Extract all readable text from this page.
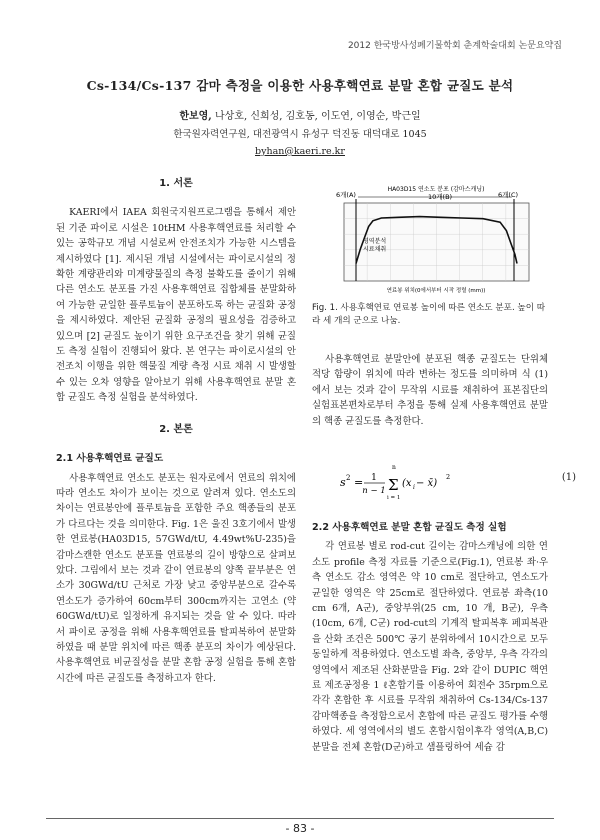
2012 한국방사성폐기물학회 춘계학술대회 논문요약집
Cs-134/Cs-137 감마 측정을 이용한 사용후핵연료 분말 혼합 균질도 분석
한보영, 나상호, 신희성, 김호동, 이도연, 이영순, 박근일
한국원자력연구원, 대전광역시 유성구 덕진동 대덕대로 1045
byhan@kaeri.re.kr
1. 서론

KAERI에서 IAEA 회원국지원프로그램을 통해서 제안된 기준 파이로 시설은 10tHM 사용후핵연료를 처리할 수 있는 공학규모 개념 시설로써 안전조치가 가능한 시스템을 제시하였다 [1]. 제시된 개념 시설에서는 파이로시설의 정확한 계량관리와 미계량물질의 측정 불확도를 줄이기 위해 다른 연소도 분포를 가진 사용후핵연료 집합체를 분말화하여 가능한 균일한 플루토늄이 분포하도록 하는 균질화 공정을 제시하였다. 제안된 균질화 공정의 필요성을 검증하고 있으며 [2] 균질도 높이기 위한 요구조건을 찾기 위해 균질도 측정 실험이 진행되어 왔다. 본 연구는 파이로시설의 안전조치 이행을 위한 핵물질 계량 측정 시료 채취 시 발생할 수 있는 오차 영향을 알아보기 위해 사용후핵연료 분말 혼합 균질도 측정 실험을 분석하였다.

2. 본론
2.1 사용후핵연료 균질도

사용후핵연료 연소도 분포는 원자로에서 연료의 위치에 따라 연소도 차이가 보이는 것으로 알려져 있다. 연소도의 차이는 연료봉안에 플루토늄을 포함한 주요 핵종들의 분포가 다르다는 것을 의미한다. Fig. 1은 울진 3호기에서 발생한 연료봉(HA03D15, 57GWd/tU, 4.49wt%U-235)을 감마스캔한 연소도 분포를 연료봉의 길이 방향으로 살펴보았다. 그림에서 보는 것과 같이 연료봉의 양쪽 끝부분은 연소가 30GWd/tU 근처로 가장 낮고 중앙부분으로 갈수록 연소도가 증가하여 60cm부터 300cm까지는 고연소 (약 60GWd/tU)로 일정하게 유지되는 것을 알 수 있다. 따라서 파이로 공정을 위해 사용후핵연료를 탈피복하여 분말화 하였을 때 분말 위치에 따른 핵종 분포의 차이가 예상된다. 사용후핵연료 비균질성을 분말 혼합 공정 실험을 통해 혼합시간에 따른 균질도를 측정하고자 한다.

HA03D15 연소도 분포 (감마스캐닝)
6개(A)	10개(B)	6개(C)
영역분석
시료채취
연료봉 위치(0에서부터 시작 정렬 (mm))
Fig. 1. 사용후핵연료 연료봉 높이에 따른 연소도 분포. 높이 따라 세 개의 군으로 나눔.

사용후핵연료 분말안에 분포된 핵종 균질도는 단위체적당 함량이 위치에 따라 변하는 정도를 의미하며 식 (1)에서 보는 것과 같이 무작위 시료를 채취하여 표본집단의 실험표본편차로부터 추정을 통해 실제 사용후핵연료 분말의 핵종 균질도를 측정한다.

s 2 = 1
n − 1
n
Σ
i = 1
(x i − x̄)
2	(1)
2.2 사용후핵연료 분말 혼합 균질도 측정 실험

각 연료봉 별로 rod-cut 길이는 감마스캐닝에 의한 연소도 profile 측정 자료를 기준으로(Fig.1), 연료봉 좌·우측 연소도 감소 영역은 약 10 cm로 절단하고, 연소도가 균일한 영역은 약 25cm로 절단하였다. 연료봉 좌측(10 cm 6개, A군), 중앙부위(25 cm, 10 개, B군), 우측 (10cm, 6개, C군) rod-cut의 기계적 탈피복후 페피복관을 산화 조건은 500℃ 공기 분위하에서 10시간으로 모두 동일하게 적용하였다. 연소도별 좌측, 중앙부, 우측 각각의 영역에서 제조된 산화분말을 Fig. 2와 같이 DUPIC 핵연료 제조공정용 1 ℓ혼합기를 이용하여 회전수 35rpm으로 각각 혼합한 후 시료를 무작위 채취하여 Cs-134/Cs-137 감마핵종을 측정함으로서 혼합에 따른 균질도 평가를 수행하였다. 세 영역에서의 별도 혼합시험이후각 영역(A,B,C) 분말을 전체 혼합(D군)하고 샘플링하여 세슘 감

- 83 -
